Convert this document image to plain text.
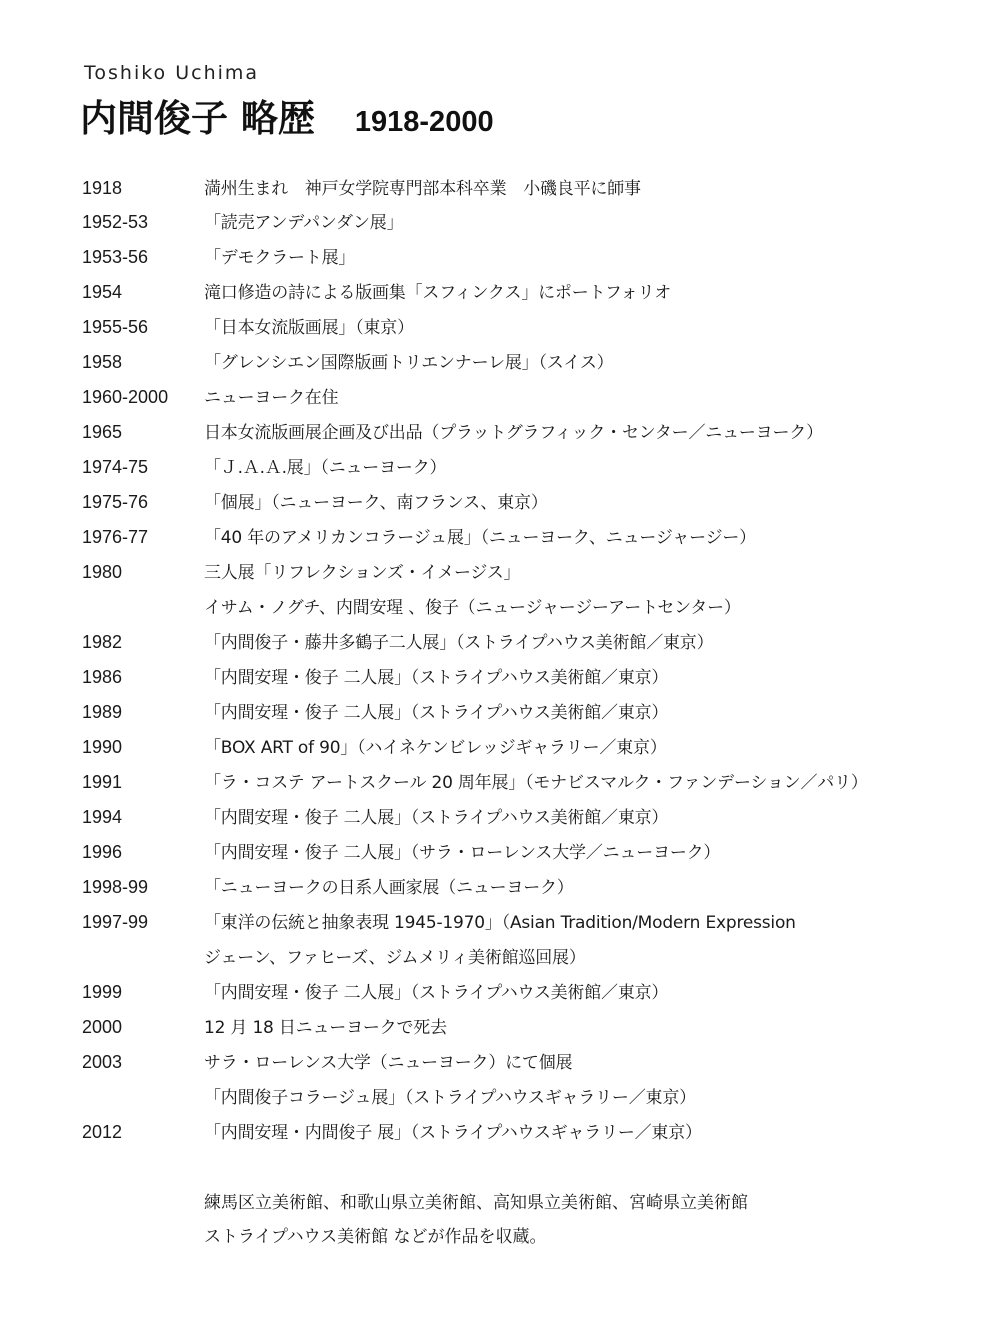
Toshiko Uchima
内間俊子 略歴 1918-2000
1918	満州生まれ　神戸女学院専門部本科卒業　小磯良平に師事
1952-53	「読売アンデパンダン展」
1953-56	「デモクラート展」
1954	滝口修造の詩による版画集「スフィンクス」にポートフォリオ
1955-56	「日本女流版画展」（東京）
1958	「グレンシエン国際版画トリエンナーレ展」（スイス）
1960-2000	ニューヨーク在住
1965	日本女流版画展企画及び出品（プラットグラフィック・センター／ニューヨーク）
1974-75	「Ｊ.Ａ.Ａ.展」（ニューヨーク）
1975-76	「個展」（ニューヨーク、南フランス、東京）
1976-77	「40 年のアメリカンコラージュ展」（ニューヨーク、ニュージャージー）
1980	三人展「リフレクションズ・イメージス」
イサム・ノグチ、内間安瑆 、俊子（ニュージャージーアートセンター）
1982	「内間俊子・藤井多鶴子二人展」（ストライプハウス美術館／東京）
1986	「内間安瑆・俊子 二人展」（ストライプハウス美術館／東京）
1989	「内間安瑆・俊子 二人展」（ストライプハウス美術館／東京）
1990	「BOX ART of 90」（ハイネケンビレッジギャラリー／東京）
1991	「ラ・コステ アートスクール 20 周年展」（モナビスマルク・ファンデーション／パリ）
1994	「内間安瑆・俊子 二人展」（ストライプハウス美術館／東京）
1996	「内間安瑆・俊子 二人展」（サラ・ローレンス大学／ニューヨーク）
1998-99	「ニューヨークの日系人画家展（ニューヨーク）
1997-99	「東洋の伝統と抽象表現 1945-1970」（Asian Tradition/Modern Expression
ジェーン、ファヒーズ、ジムメリィ美術館巡回展）
1999	「内間安瑆・俊子 二人展」（ストライプハウス美術館／東京）
2000	12 月 18 日ニューヨークで死去
2003	サラ・ローレンス大学（ニューヨーク）にて個展
「内間俊子コラージュ展」（ストライプハウスギャラリー／東京）
2012	「内間安瑆・内間俊子 展」（ストライプハウスギャラリー／東京）
練馬区立美術館、和歌山県立美術館、高知県立美術館、宮崎県立美術館
ストライプハウス美術館 などが作品を収蔵。
